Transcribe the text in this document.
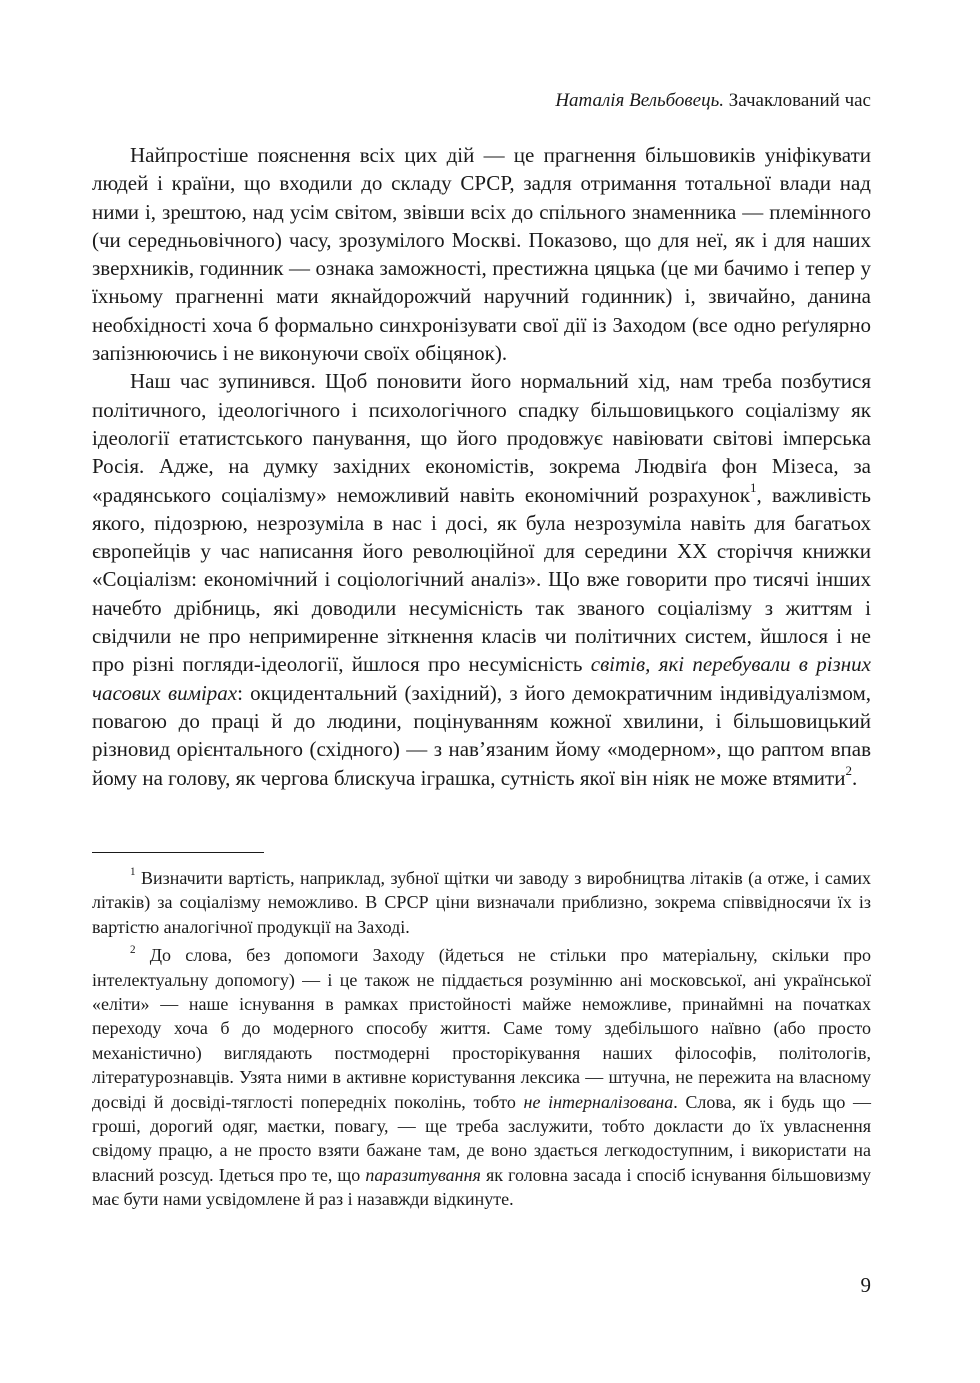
Наталія Вельбовець. Зачаклований час

Найпростіше пояснення всіх цих дій — це прагнення більшовиків уніфікувати людей і країни, що входили до складу СРСР, задля отримання тотальної влади над ними і, зрештою, над усім світом, звівши всіх до спільного знаменника — племінного (чи середньовічного) часу, зрозумілого Москві. Показово, що для неї, як і для наших зверхників, годинник — ознака заможності, престижна цяцька (це ми бачимо і тепер у їхньому прагненні мати якнайдорожчий наручний годинник) і, звичайно, данина необхідності хоча б формально синхронізувати свої дії із Заходом (все одно реґулярно запізнюючись і не виконуючи своїх обіцянок).

Наш час зупинився. Щоб поновити його нормальний хід, нам треба позбутися політичного, ідеологічного і психологічного спадку більшовицького соціалізму як ідеології етатистського панування, що його продовжує навіювати світові імперська Росія. Адже, на думку західних економістів, зокрема Людвіґа фон Мізеса, за «радянського соціалізму» неможливий навіть економічний розрахунок$^1$, важливість якого, підозрюю, незрозуміла в нас і досі, як була незрозуміла навіть для багатьох європейців у час написання його революційної для середини XX сторіччя книжки «Соціалізм: економічний і соціологічний аналіз». Що вже говорити про тисячі інших начебто дрібниць, які доводили несумісність так званого соціалізму з життям і свідчили не про непримиренне зіткнення класів чи політичних систем, йшлося і не про різні погляди-ідеології, йшлося про несумісність світів, які перебували в різних часових вимірах: окцидентальний (західний), з його демократичним індивідуалізмом, повагою до праці й до людини, поцінуванням кожної хвилини, і більшовицький різновид орієнтального (східного) — з нав’язаним йому «модерном», що раптом впав йому на голову, як чергова блискуча іграшка, сутність якої він ніяк не може втямити$^2$.

$^1$ Визначити вартість, наприклад, зубної щітки чи заводу з виробництва літаків (а отже, і самих літаків) за соціалізму неможливо. В СРСР ціни визначали приблизно, зокрема співвідносячи їх із вартістю аналогічної продукції на Заході.

$^2$ До слова, без допомоги Заходу (йдеться не стільки про матеріальну, скільки про інтелектуальну допомогу) — і це також не піддається розумінню ані московської, ані української «еліти» — наше існування в рамках пристойності майже неможливе, принаймні на початках переходу хоча б до модерного способу життя. Саме тому здебільшого наївно (або просто механістично) виглядають постмодерні просторікування наших філософів, політологів, літературознавців. Узята ними в активне користування лексика — штучна, не пережита на власному досвіді й досвіді-тяглості попередніх поколінь, тобто не інтерналізована. Слова, як і будь що — гроші, дорогий одяг, маєтки, повагу, — ще треба заслужити, тобто докласти до їх увласнення свідому працю, а не просто взяти бажане там, де воно здається легкодоступним, і використати на власний розсуд. Ідеться про те, що паразитування як головна засада і спосіб існування більшовизму має бути нами усвідомлене й раз і назавжди відкинуте.

9
